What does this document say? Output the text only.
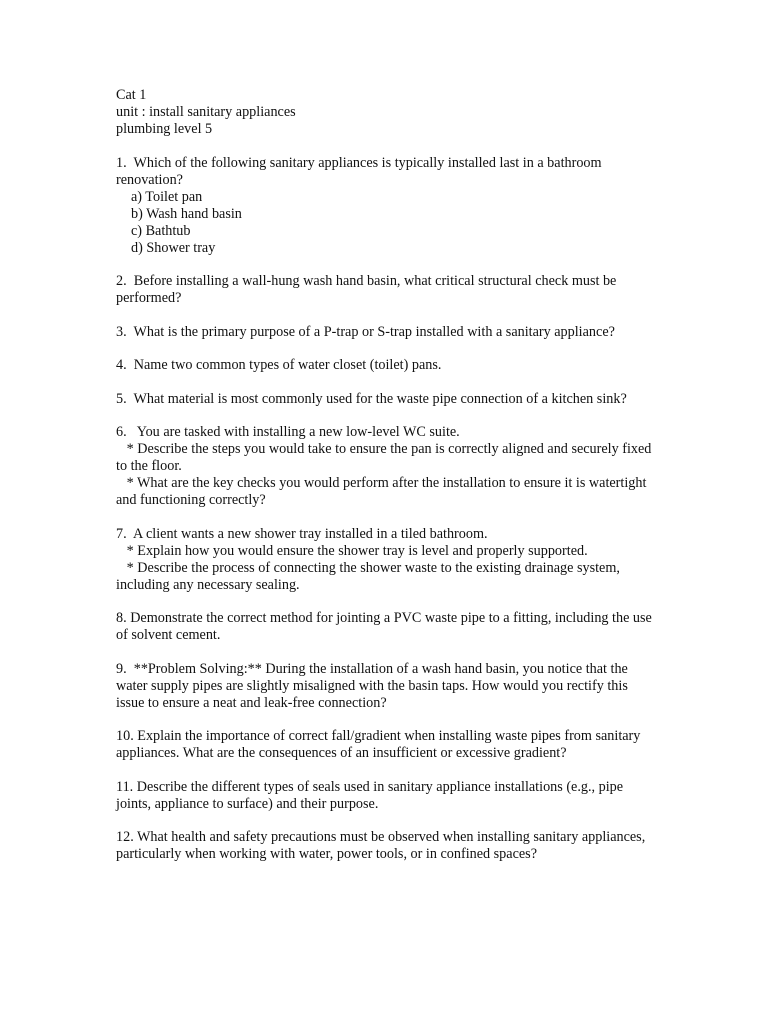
Cat 1
unit : install sanitary appliances
plumbing level 5
1.  Which of the following sanitary appliances is typically installed last in a bathroom renovation?
a) Toilet pan
b) Wash hand basin
c) Bathtub
d) Shower tray
2.  Before installing a wall-hung wash hand basin, what critical structural check must be performed?
3.  What is the primary purpose of a P-trap or S-trap installed with a sanitary appliance?
4.  Name two common types of water closet (toilet) pans.
5.  What material is most commonly used for the waste pipe connection of a kitchen sink?
6.   You are tasked with installing a new low-level WC suite.
* Describe the steps you would take to ensure the pan is correctly aligned and securely fixed to the floor.
* What are the key checks you would perform after the installation to ensure it is watertight and functioning correctly?
7.  A client wants a new shower tray installed in a tiled bathroom.
* Explain how you would ensure the shower tray is level and properly supported.
* Describe the process of connecting the shower waste to the existing drainage system, including any necessary sealing.
8. Demonstrate the correct method for jointing a PVC waste pipe to a fitting, including the use of solvent cement.
9.  **Problem Solving:** During the installation of a wash hand basin, you notice that the water supply pipes are slightly misaligned with the basin taps. How would you rectify this issue to ensure a neat and leak-free connection?
10. Explain the importance of correct fall/gradient when installing waste pipes from sanitary appliances. What are the consequences of an insufficient or excessive gradient?
11. Describe the different types of seals used in sanitary appliance installations (e.g., pipe joints, appliance to surface) and their purpose.
12. What health and safety precautions must be observed when installing sanitary appliances, particularly when working with water, power tools, or in confined spaces?
